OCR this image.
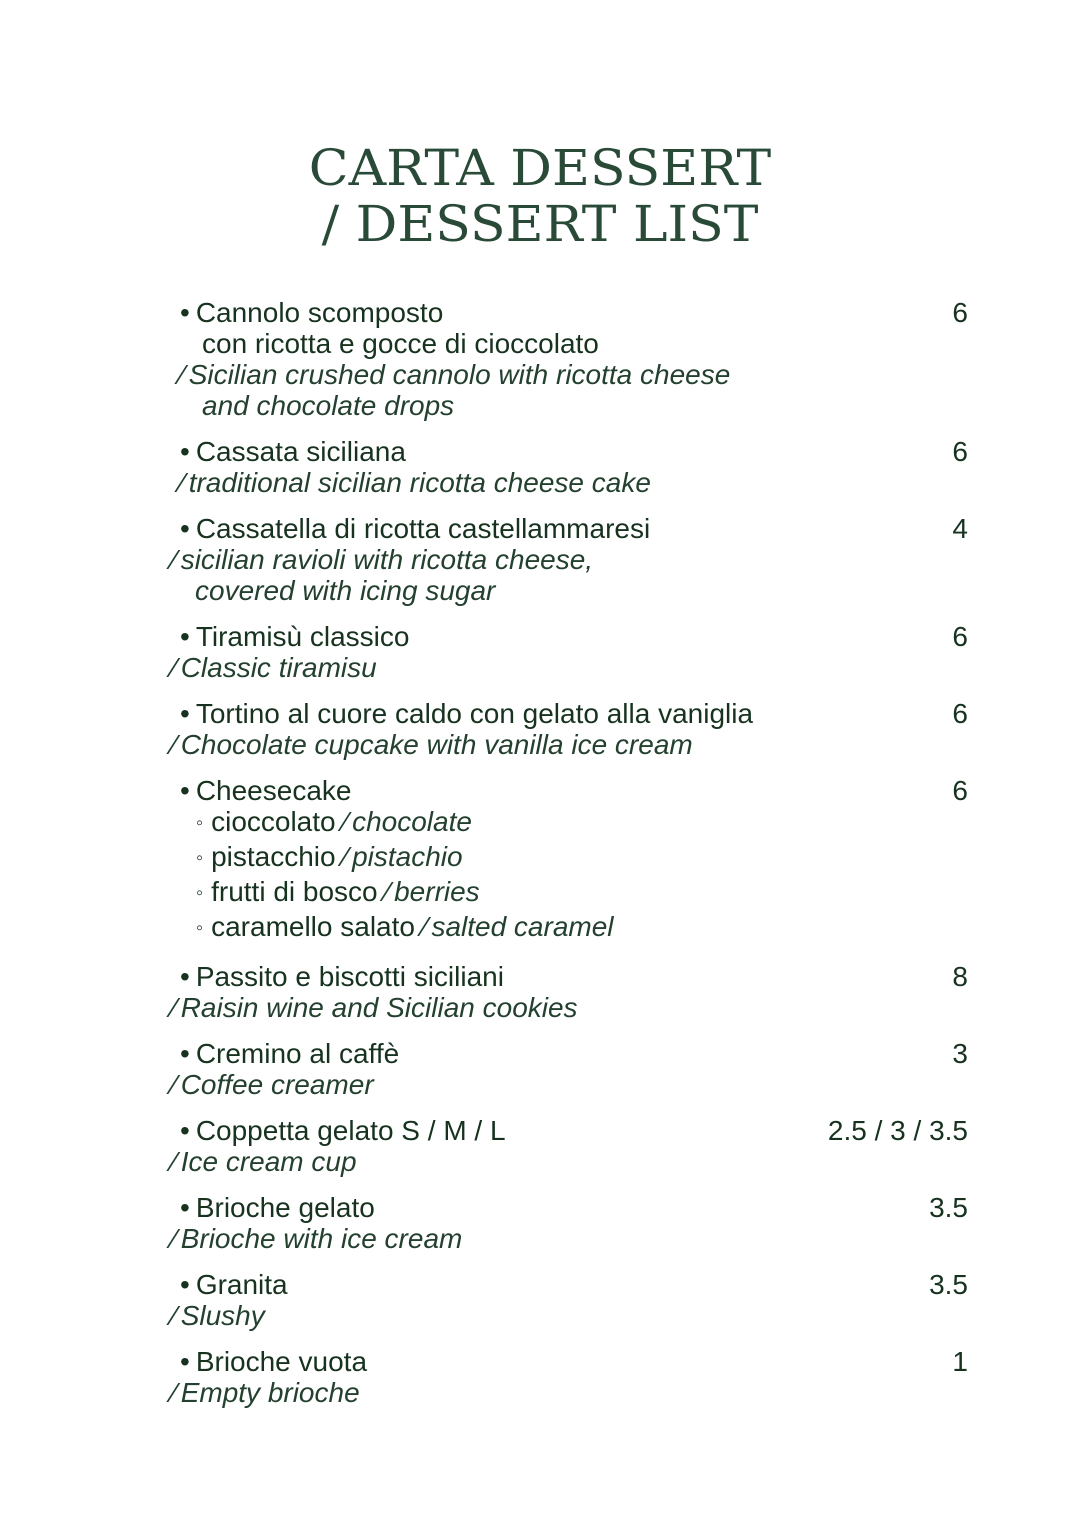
CARTA DESSERT
/ DESSERT LIST
• Cannolo scomposto
con ricotta e gocce di cioccolato
⁄ Sicilian crushed cannolo with ricotta cheese
and chocolate drops
6
• Cassata siciliana
⁄ traditional sicilian ricotta cheese cake
6
• Cassatella di ricotta castellammaresi
⁄ sicilian ravioli with ricotta cheese,
covered with icing sugar
4
• Tiramisù classico
⁄ Classic tiramisu
6
• Tortino al cuore caldo con gelato alla vaniglia
⁄ Chocolate cupcake with vanilla ice cream
6
• Cheesecake
◦ cioccolato ⁄ chocolate
◦ pistacchio ⁄ pistachio
◦ frutti di bosco ⁄ berries
◦ caramello salato ⁄ salted caramel
6
• Passito e biscotti siciliani
⁄ Raisin wine and Sicilian cookies
8
• Cremino al caffè
⁄ Coffee creamer
3
• Coppetta gelato S / M / L
⁄ Ice cream cup
2.5 / 3 / 3.5
• Brioche gelato
⁄ Brioche with ice cream
3.5
• Granita
⁄ Slushy
3.5
• Brioche vuota
⁄ Empty brioche
1
